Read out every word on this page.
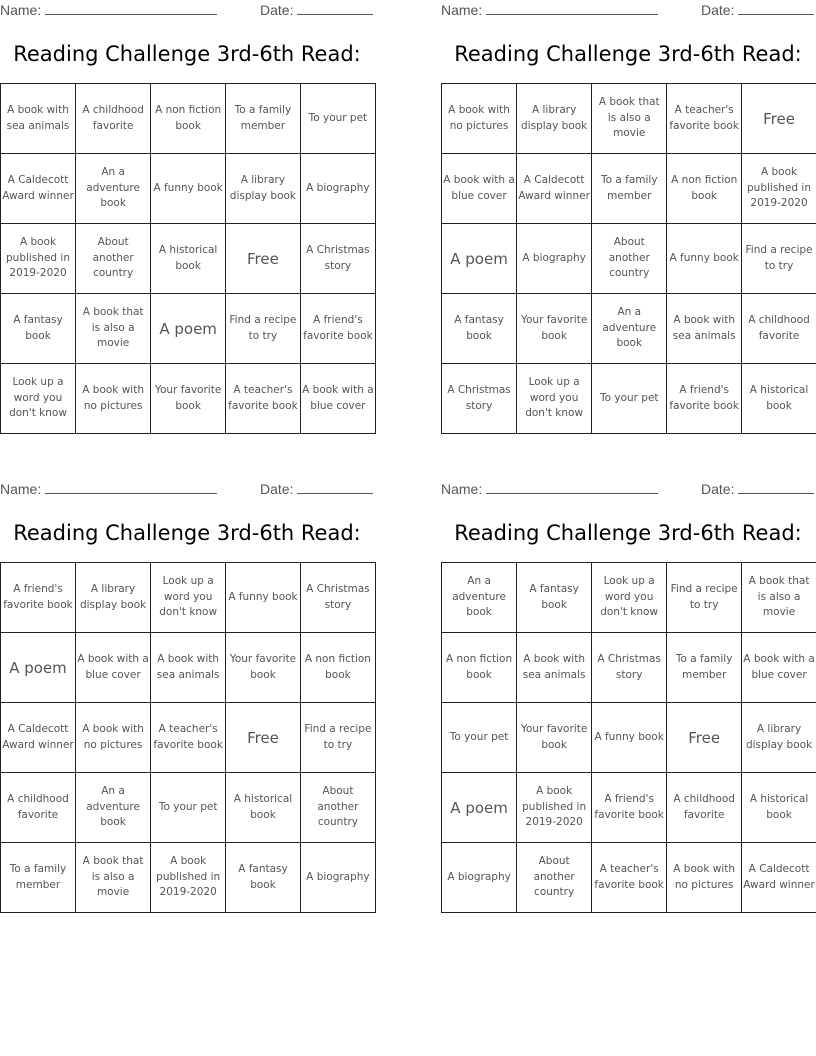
Name:	Date:
Reading Challenge 3rd-6th Read:
A book with sea animals	A childhood favorite	A non fiction book	To a family member	To your pet
A Caldecott Award winner	An a adventure book	A funny book	A library display book	A biography
A book published in 2019-2020	About another country	A historical book	Free	A Christmas story
A fantasy book	A book that is also a movie	A poem	Find a recipe to try	A friend's favorite book
Look up a word you don't know	A book with no pictures	Your favorite book	A teacher's favorite book	A book with a blue cover
Name:	Date:
Reading Challenge 3rd-6th Read:
A book with no pictures	A library display book	A book that is also a movie	A teacher's favorite book	Free
A book with a blue cover	A Caldecott Award winner	To a family member	A non fiction book	A book published in 2019-2020
A poem	A biography	About another country	A funny book	Find a recipe to try
A fantasy book	Your favorite book	An a adventure book	A book with sea animals	A childhood favorite
A Christmas story	Look up a word you don't know	To your pet	A friend's favorite book	A historical book
Name:	Date:
Reading Challenge 3rd-6th Read:
A friend's favorite book	A library display book	Look up a word you don't know	A funny book	A Christmas story
A poem	A book with a blue cover	A book with sea animals	Your favorite book	A non fiction book
A Caldecott Award winner	A book with no pictures	A teacher's favorite book	Free	Find a recipe to try
A childhood favorite	An a adventure book	To your pet	A historical book	About another country
To a family member	A book that is also a movie	A book published in 2019-2020	A fantasy book	A biography
Name:	Date:
Reading Challenge 3rd-6th Read:
An a adventure book	A fantasy book	Look up a word you don't know	Find a recipe to try	A book that is also a movie
A non fiction book	A book with sea animals	A Christmas story	To a family member	A book with a blue cover
To your pet	Your favorite book	A funny book	Free	A library display book
A poem	A book published in 2019-2020	A friend's favorite book	A childhood favorite	A historical book
A biography	About another country	A teacher's favorite book	A book with no pictures	A Caldecott Award winner
